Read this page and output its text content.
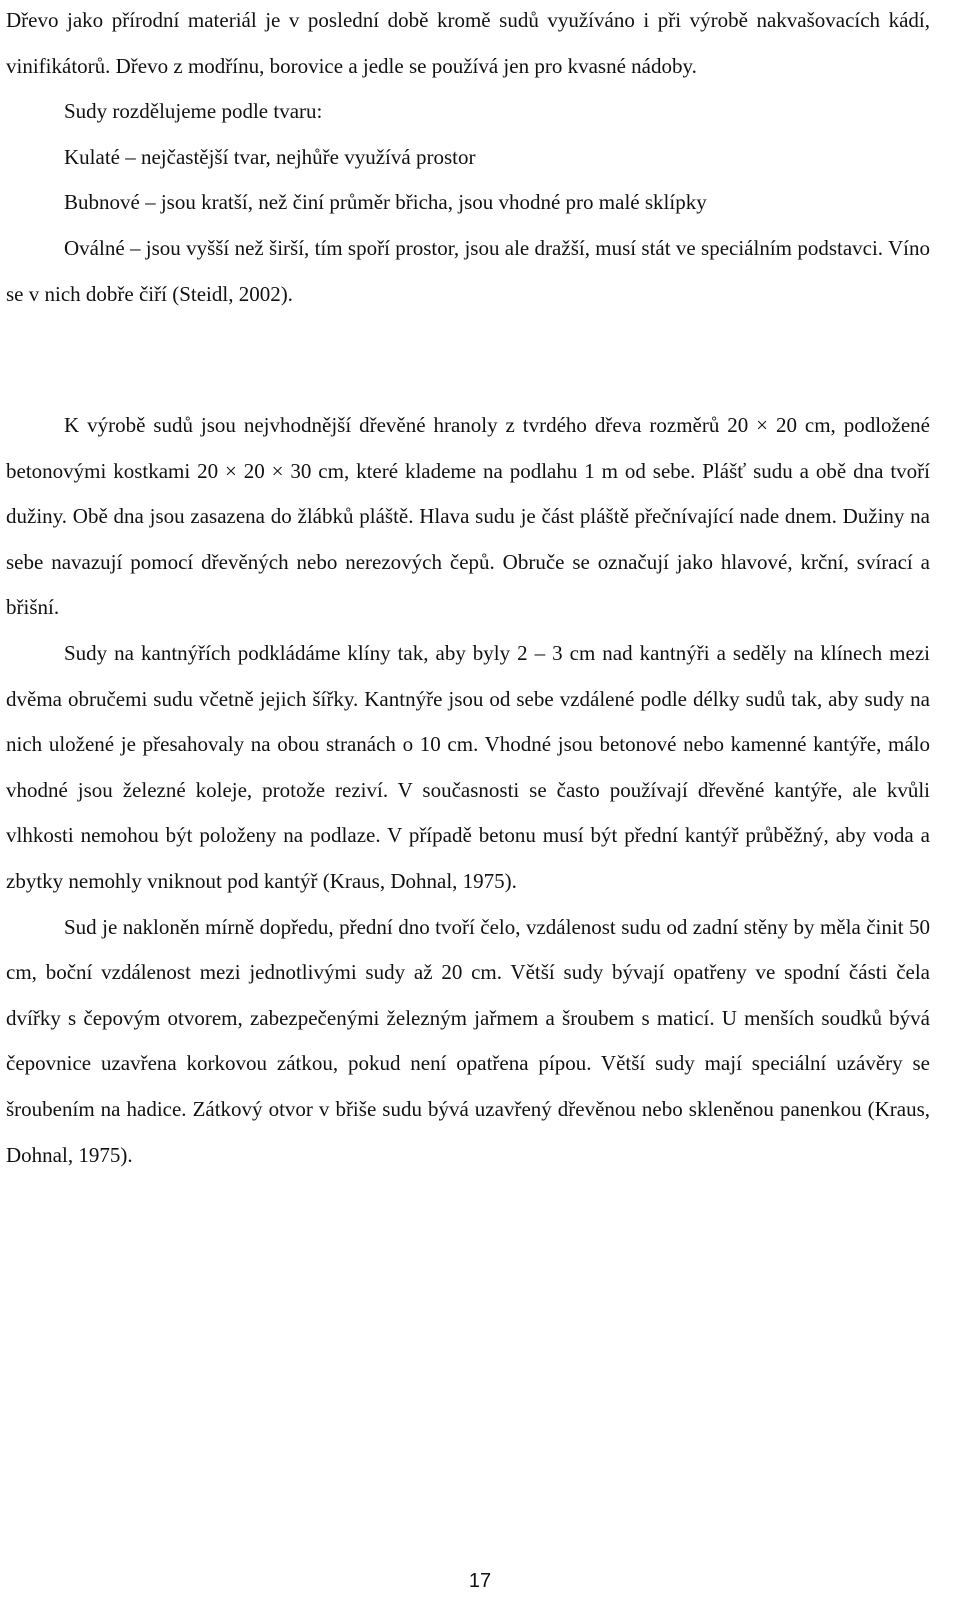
Dřevo jako přírodní materiál je v poslední době kromě sudů využíváno i při výrobě nakvašovacích kádí, vinifikátorů. Dřevo z modřínu, borovice a jedle se používá jen pro kvasné nádoby.

Sudy rozdělujeme podle tvaru:

Kulaté – nejčastější tvar, nejhůře využívá prostor

Bubnové – jsou kratší, než činí průměr břicha, jsou vhodné pro malé sklípky

Oválné – jsou vyšší než širší, tím spoří prostor, jsou ale dražší, musí stát ve speciálním podstavci. Víno se v nich dobře čiří (Steidl, 2002).

K výrobě sudů jsou nejvhodnější dřevěné hranoly z tvrdého dřeva rozměrů 20 × 20 cm, podložené betonovými kostkami 20 × 20 × 30 cm, které klademe na podlahu 1 m od sebe. Plášť sudu a obě dna tvoří dužiny. Obě dna jsou zasazena do žlábků pláště. Hlava sudu je část pláště přečnívající nade dnem. Dužiny na sebe navazují pomocí dřevěných nebo nerezových čepů. Obruče se označují jako hlavové, krční, svírací a břišní.

Sudy na kantnýřích podkládáme klíny tak, aby byly 2 – 3 cm nad kantnýři a seděly na klínech mezi dvěma obručemi sudu včetně jejich šířky. Kantnýře jsou od sebe vzdálené podle délky sudů tak, aby sudy na nich uložené je přesahovaly na obou stranách o 10 cm. Vhodné jsou betonové nebo kamenné kantýře, málo vhodné jsou železné koleje, protože reziví. V současnosti se často používají dřevěné kantýře, ale kvůli vlhkosti nemohou být položeny na podlaze. V případě betonu musí být přední kantýř průběžný, aby voda a zbytky nemohly vniknout pod kantýř (Kraus, Dohnal, 1975).

Sud je nakloněn mírně dopředu, přední dno tvoří čelo, vzdálenost sudu od zadní stěny by měla činit 50 cm, boční vzdálenost mezi jednotlivými sudy až 20 cm. Větší sudy bývají opatřeny ve spodní části čela dvířky s čepovým otvorem, zabezpečenými železným jařmem a šroubem s maticí. U menších soudků bývá čepovnice uzavřena korkovou zátkou, pokud není opatřena pípou. Větší sudy mají speciální uzávěry se šroubením na hadice. Zátkový otvor v břiše sudu bývá uzavřený dřevěnou nebo skleněnou panenkou (Kraus, Dohnal, 1975).

17
